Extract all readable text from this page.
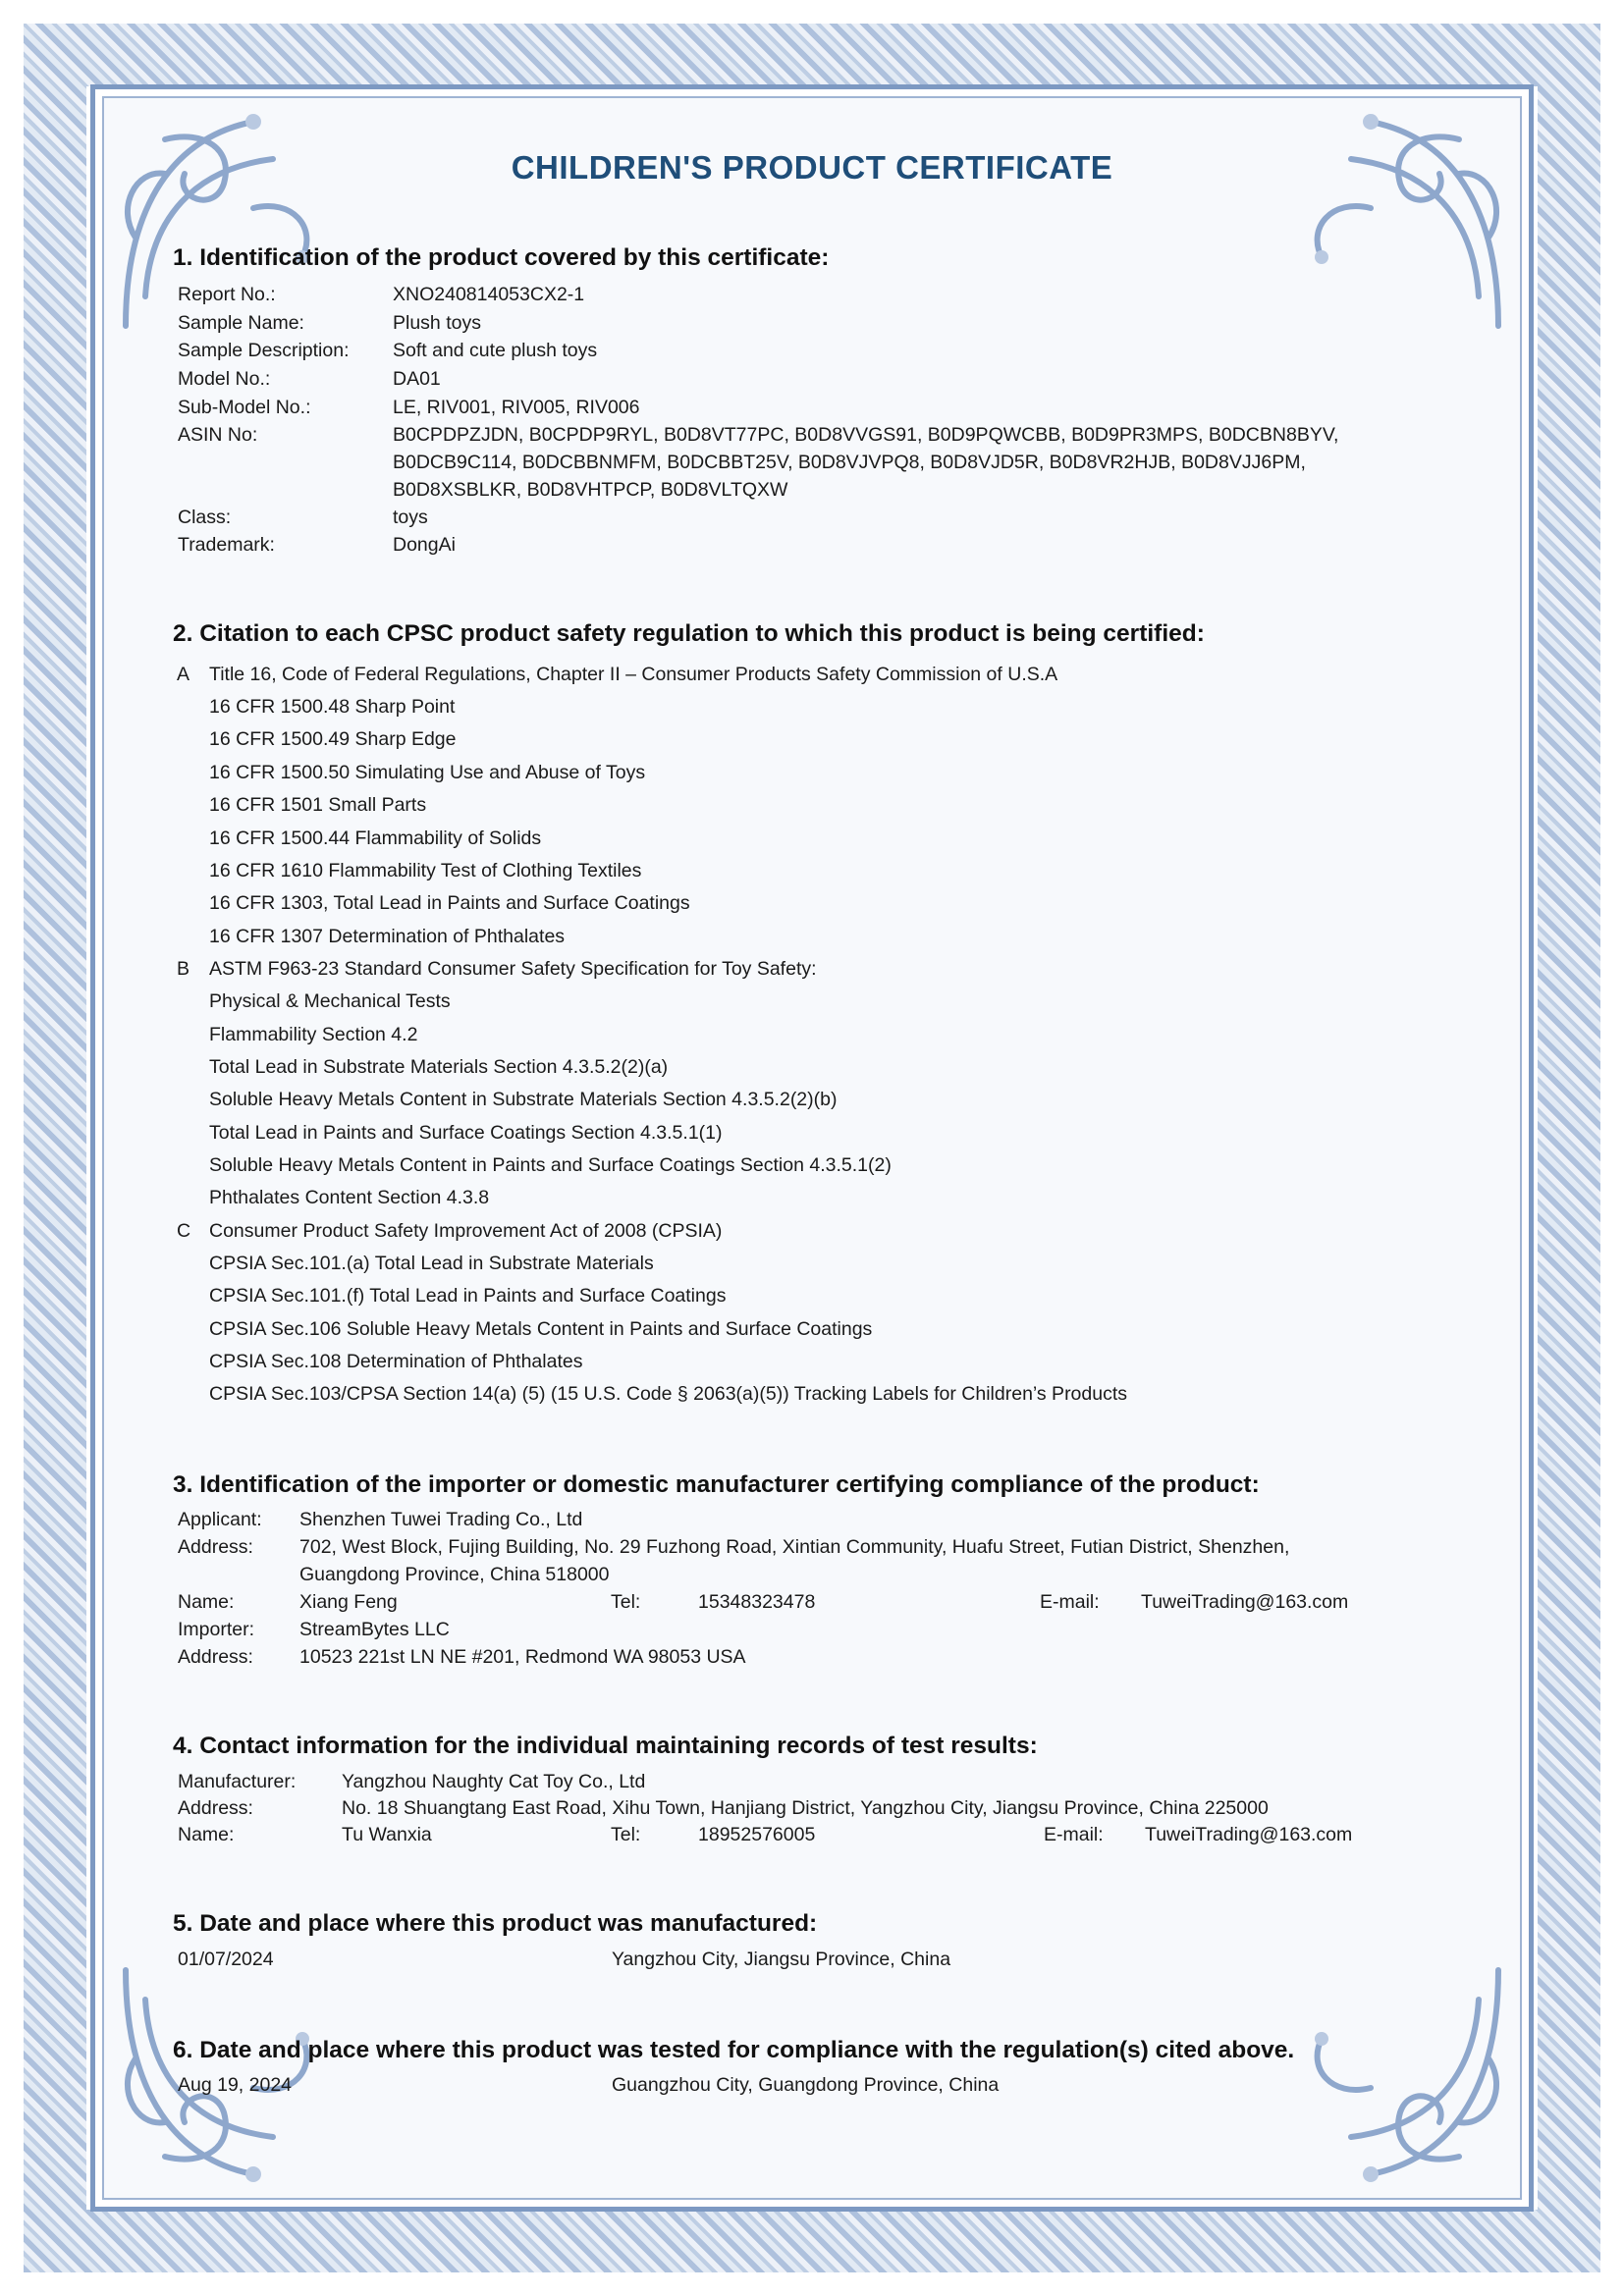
CHILDREN'S PRODUCT CERTIFICATE
1. Identification of the product covered by this certificate:
Report No.:	XNO240814053CX2-1
Sample Name:	Plush toys
Sample Description: Soft and cute plush toys
Model No.:	DA01
Sub-Model No.:	LE, RIV001, RIV005, RIV006
ASIN No:	B0CPDPZJDN, B0CPDP9RYL, B0D8VT77PC, B0D8VVGS91, B0D9PQWCBB, B0D9PR3MPS, B0DCBN8BYV,
B0DCB9C114, B0DCBBNMFM, B0DCBBT25V, B0D8VJVPQ8, B0D8VJD5R, B0D8VR2HJB, B0D8VJJ6PM,
B0D8XSBLKR, B0D8VHTPCP, B0D8VLTQXW
Class:	toys
Trademark:	DongAi
2. Citation to each CPSC product safety regulation to which this product is being certified:
A Title 16, Code of Federal Regulations, Chapter II – Consumer Products Safety Commission of U.S.A
16 CFR 1500.48 Sharp Point
16 CFR 1500.49 Sharp Edge
16 CFR 1500.50 Simulating Use and Abuse of Toys
16 CFR 1501 Small Parts
16 CFR 1500.44 Flammability of Solids
16 CFR 1610 Flammability Test of Clothing Textiles
16 CFR 1303, Total Lead in Paints and Surface Coatings
16 CFR 1307 Determination of Phthalates
B ASTM F963-23 Standard Consumer Safety Specification for Toy Safety:
Physical & Mechanical Tests
Flammability Section 4.2
Total Lead in Substrate Materials Section 4.3.5.2(2)(a)
Soluble Heavy Metals Content in Substrate Materials Section 4.3.5.2(2)(b)
Total Lead in Paints and Surface Coatings Section 4.3.5.1(1)
Soluble Heavy Metals Content in Paints and Surface Coatings Section 4.3.5.1(2)
Phthalates Content Section 4.3.8
C Consumer Product Safety Improvement Act of 2008 (CPSIA)
CPSIA Sec.101.(a) Total Lead in Substrate Materials
CPSIA Sec.101.(f) Total Lead in Paints and Surface Coatings
CPSIA Sec.106 Soluble Heavy Metals Content in Paints and Surface Coatings
CPSIA Sec.108 Determination of Phthalates
CPSIA Sec.103/CPSA Section 14(a) (5) (15 U.S. Code § 2063(a)(5)) Tracking Labels for Children’s Products
3. Identification of the importer or domestic manufacturer certifying compliance of the product:
Applicant: Shenzhen Tuwei Trading Co., Ltd
Address: 702, West Block, Fujing Building, No. 29 Fuzhong Road, Xintian Community, Huafu Street, Futian District, Shenzhen,
Guangdong Province, China 518000
Name:	Xiang Feng	Tel:	15348323478	E-mail: TuweiTrading@163.com
Importer: StreamBytes LLC
Address: 10523 221st LN NE #201, Redmond WA 98053 USA
4. Contact information for the individual maintaining records of test results:
Manufacturer: Yangzhou Naughty Cat Toy Co., Ltd
Address:	No. 18 Shuangtang East Road, Xihu Town, Hanjiang District, Yangzhou City, Jiangsu Province, China 225000
Name:	Tu Wanxia	Tel:	18952576005	E-mail: TuweiTrading@163.com
5. Date and place where this product was manufactured:
01/07/2024	Yangzhou City, Jiangsu Province, China
6. Date and place where this product was tested for compliance with the regulation(s) cited above.
Aug 19, 2024	Guangzhou City, Guangdong Province, China
